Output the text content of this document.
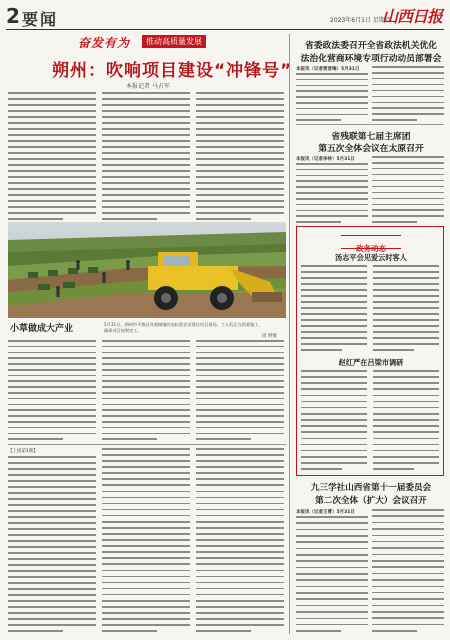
2 要闻	2023年6月1日 星期四
山西日报
奋发有为	推动高质量发展
朔州：吹响项目建设“冲锋号”
本报记者 马占军
5月31日，朔州市平鲁区凤凰城镇的高标准农田建设项目现场，工人们正在抓紧施工，确保项目按期完工。
周 明摄
小草做成大产业
【上接第1版】
省委政法委召开全省政法机关优化
法治化营商环境专项行动动员部署会
本报讯（记者贾晋梅）5月31日
省残联第七届主席团
第五次全体会议在太原召开
本报讯（记者李林）5月31日
政务动态
汤志平会见爱云时客人
赵红严在吕梁市调研
九三学社山西省第十一届委员会
第二次全体（扩大）会议召开
本报讯（记者王菁）5月31日
